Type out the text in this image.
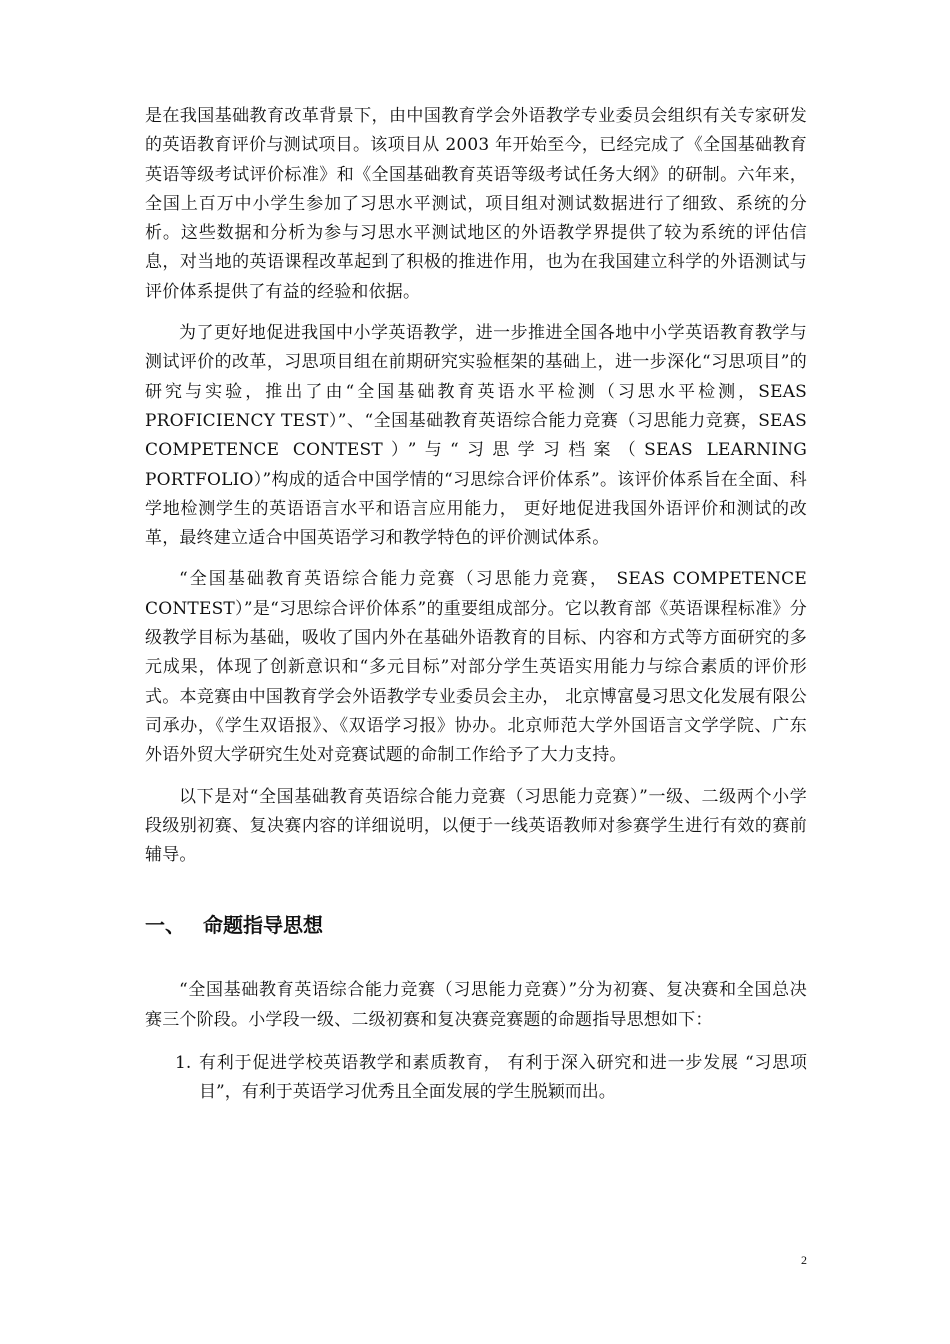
是在我国基础教育改革背景下，由中国教育学会外语教学专业委员会组织有关专家研发的英语教育评价与测试项目。该项目从 2003 年开始至今，已经完成了《全国基础教育英语等级考试评价标准》和《全国基础教育英语等级考试任务大纲》的研制。六年来，全国上百万中小学生参加了习思水平测试，项目组对测试数据进行了细致、系统的分析。这些数据和分析为参与习思水平测试地区的外语教学界提供了较为系统的评估信息，对当地的英语课程改革起到了积极的推进作用，也为在我国建立科学的外语测试与评价体系提供了有益的经验和依据。

为了更好地促进我国中小学英语教学，进一步推进全国各地中小学英语教育教学与测试评价的改革，习思项目组在前期研究实验框架的基础上，进一步深化“习思项目”的研究与实验，推出了由“全国基础教育英语水平检测（习思水平检测，SEAS PROFICIENCY TEST）”、“全国基础教育英语综合能力竞赛（习思能力竞赛，SEAS COMPETENCE CONTEST）”与“习思学习档案（SEAS LEARNING PORTFOLIO）”构成的适合中国学情的“习思综合评价体系”。该评价体系旨在全面、科学地检测学生的英语语言水平和语言应用能力， 更好地促进我国外语评价和测试的改革，最终建立适合中国英语学习和教学特色的评价测试体系。

“全国基础教育英语综合能力竞赛（习思能力竞赛， SEAS COMPETENCE CONTEST）”是“习思综合评价体系”的重要组成部分。它以教育部《英语课程标准》分级教学目标为基础，吸收了国内外在基础外语教育的目标、内容和方式等方面研究的多元成果，体现了创新意识和“多元目标”对部分学生英语实用能力与综合素质的评价形式。本竞赛由中国教育学会外语教学专业委员会主办， 北京博富曼习思文化发展有限公司承办，《学生双语报》、《双语学习报》协办。北京师范大学外国语言文学学院、广东外语外贸大学研究生处对竞赛试题的命制工作给予了大力支持。

以下是对“全国基础教育英语综合能力竞赛（习思能力竞赛）”一级、二级两个小学段级别初赛、复决赛内容的详细说明，以便于一线英语教师对参赛学生进行有效的赛前辅导。

一、 命题指导思想

“全国基础教育英语综合能力竞赛（习思能力竞赛）”分为初赛、复决赛和全国总决赛三个阶段。小学段一级、二级初赛和复决赛竞赛题的命题指导思想如下：

1. 有利于促进学校英语教学和素质教育， 有利于深入研究和进一步发展 “习思项目”，有利于英语学习优秀且全面发展的学生脱颖而出。
2
